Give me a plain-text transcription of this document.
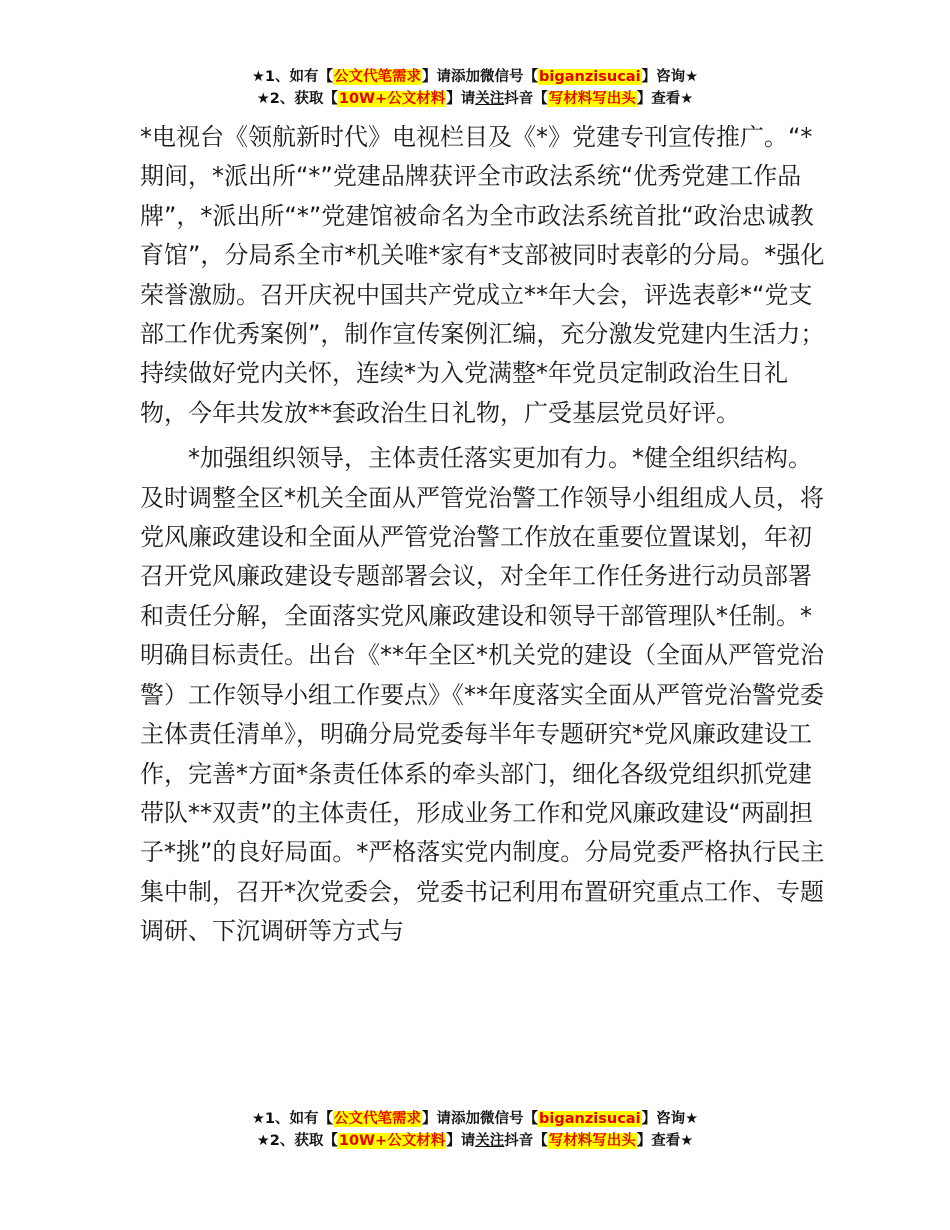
★1、如有【公文代笔需求】请添加微信号【biganzisucai】咨询★
★2、获取【10W+公文材料】请关注抖音【写材料写出头】查看★

*电视台《领航新时代》电视栏目及《*》党建专刊宣传推广。“*期间，*派出所“*”党建品牌获评全市政法系统“优秀党建工作品牌”，*派出所“*”党建馆被命名为全市政法系统首批“政治忠诚教育馆”，分局系全市*机关唯*家有*支部被同时表彰的分局。*强化荣誉激励。召开庆祝中国共产党成立**年大会，评选表彰*“党支部工作优秀案例”，制作宣传案例汇编，充分激发党建内生活力；持续做好党内关怀，连续*为入党满整*年党员定制政治生日礼物，今年共发放**套政治生日礼物，广受基层党员好评。

*加强组织领导，主体责任落实更加有力。*健全组织结构。及时调整全区*机关全面从严管党治警工作领导小组组成人员，将党风廉政建设和全面从严管党治警工作放在重要位置谋划，年初召开党风廉政建设专题部署会议，对全年工作任务进行动员部署和责任分解，全面落实党风廉政建设和领导干部管理队*任制。*明确目标责任。出台《**年全区*机关党的建设（全面从严管党治警）工作领导小组工作要点》《**年度落实全面从严管党治警党委主体责任清单》，明确分局党委每半年专题研究*党风廉政建设工作，完善*方面*条责任体系的牵头部门，细化各级党组织抓党建带队**双责”的主体责任，形成业务工作和党风廉政建设“两副担子*挑”的良好局面。*严格落实党内制度。分局党委严格执行民主集中制，召开*次党委会，党委书记利用布置研究重点工作、专题调研、下沉调研等方式与

★1、如有【公文代笔需求】请添加微信号【biganzisucai】咨询★
★2、获取【10W+公文材料】请关注抖音【写材料写出头】查看★
